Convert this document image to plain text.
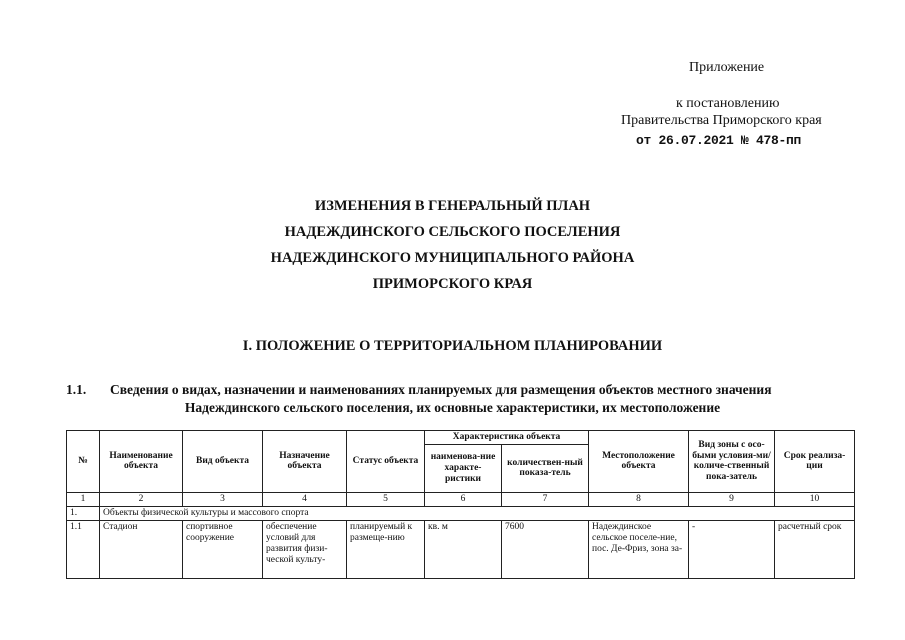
Приложение
к постановлению
Правительства Приморского края
от 26.07.2021 № 478-пп
ИЗМЕНЕНИЯ В ГЕНЕРАЛЬНЫЙ ПЛАН
НАДЕЖДИНСКОГО СЕЛЬСКОГО ПОСЕЛЕНИЯ
НАДЕЖДИНСКОГО МУНИЦИПАЛЬНОГО РАЙОНА
ПРИМОРСКОГО КРАЯ
I. ПОЛОЖЕНИЕ О ТЕРРИТОРИАЛЬНОМ ПЛАНИРОВАНИИ
1.1. Сведения о видах, назначении и наименованиях планируемых для размещения объектов местного значения
Надеждинского сельского поселения, их основные характеристики, их местоположение
№	Наименование объекта	Вид объекта	Назначение объекта	Статус объекта	Характеристика объекта		Местоположение объекта	Вид зоны с осо-быми условия-ми/ количе-ственный пока-затель	Срок реализа-ции
					наименова-ние характе-ристики	количествен-ный показа-тель			
1	2	3	4	5	6	7	8	9	10
1.	Объекты физической культуры и массового спорта								
1.1	Стадион	спортивное сооружение	обеспечение условий для развития физи-ческой культу-	планируемый к размеще-нию	кв. м	7600	Надеждинское сельское поселе-ние, пос. Де-Фриз, зона за-	-	расчетный срок
